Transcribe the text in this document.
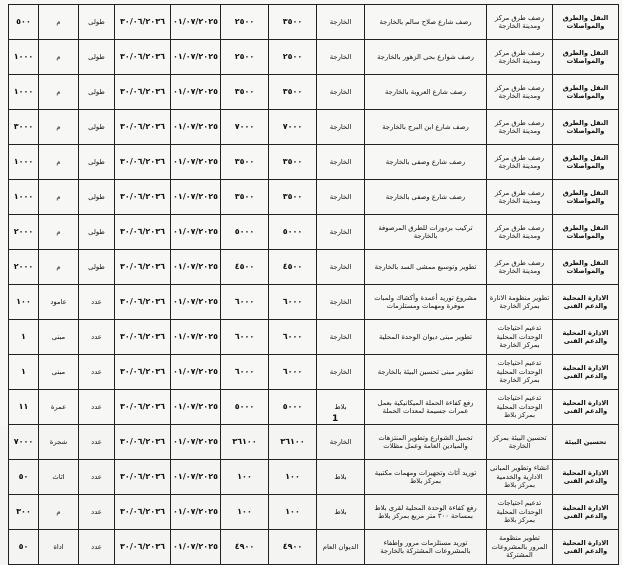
النقل والطرق والمواصلات	رصف طرق مركز ومدينة الخارجة	رصف شارع صلاح سالم بالخارجة	الخارجة	٣٥٠٠	٢٥٠٠	٠١/٠٧/٢٠٢٥	٣٠/٠٦/٢٠٣٦	طولى	م	٥٠٠
النقل والطرق والمواصلات	رصف طرق مركز ومدينة الخارجة	رصف شوارع بحى الزهور بالخارجة	الخارجة	٢٥٠٠	٢٥٠٠	٠١/٠٧/٢٠٢٥	٣٠/٠٦/٢٠٣٦	طولى	م	١٠٠٠
النقل والطرق والمواصلات	رصف طرق مركز ومدينة الخارجة	رصف شارع العروبة بالخارجة	الخارجة	٣٥٠٠	٣٥٠٠	٠١/٠٧/٢٠٢٥	٣٠/٠٦/٢٠٣٦	طولى	م	١٠٠٠
النقل والطرق والمواصلات	رصف طرق مركز ومدينة الخارجة	رصف شارع ابن البرج بالخارجة	الخارجة	٧٠٠٠	٧٠٠٠	٠١/٠٧/٢٠٢٥	٣٠/٠٦/٢٠٣٦	طولى	م	٣٠٠٠
النقل والطرق والمواصلات	رصف طرق مركز ومدينة الخارجة	رصف شارع وصفى بالخارجة	الخارجة	٣٥٠٠	٣٥٠٠	٠١/٠٧/٢٠٢٥	٣٠/٠٦/٢٠٣٦	طولى	م	١٠٠٠
النقل والطرق والمواصلات	رصف طرق مركز ومدينة الخارجة	رصف شارع وصفى بالخارجة	الخارجة	٣٥٠٠	٣٥٠٠	٠١/٠٧/٢٠٢٥	٣٠/٠٦/٢٠٣٦	طولى	م	١٠٠٠
النقل والطرق والمواصلات	رصف طرق مركز ومدينة الخارجة	تركيب بردورات للطرق المرصوفة بالخارجة	الخارجة	٥٠٠٠	٥٠٠٠	٠١/٠٧/٢٠٢٥	٣٠/٠٦/٢٠٣٦	طولى	م	٢٠٠٠
النقل والطرق والمواصلات	رصف طرق مركز ومدينة الخارجة	تطوير وتوسيع ممشى السد بالخارجة	الخارجة	٤٥٠٠	٤٥٠٠	٠١/٠٧/٢٠٢٥	٣٠/٠٦/٢٠٣٦	طولى	م	٢٠٠٠
الادارة المحلية والدعم الفنى	تطوير منظومة الانارة بمركز الخارجة	مشروع توريد أعمدة وأكشاك ولمبات موفرة ومهمات ومستلزمات	الخارجة	٦٠٠٠	٦٠٠٠	٠١/٠٧/٢٠٢٥	٣٠/٠٦/٢٠٣٦	عدد	عامود	١٠٠
الادارة المحلية والدعم الفنى	تدعيم احتياجات الوحدات المحلية بمركز الخارجة	تطوير مبنى ديوان الوحدة المحلية	الخارجة	٦٠٠٠	٦٠٠٠	٠١/٠٧/٢٠٢٥	٣٠/٠٦/٢٠٣٦	عدد	مبنى	١
الادارة المحلية والدعم الفنى	تدعيم احتياجات الوحدات المحلية بمركز الخارجة	تطوير مبنى تحسين البيئة بالخارجة	الخارجة	٦٠٠٠	٦٠٠٠	٠١/٠٧/٢٠٢٥	٣٠/٠٦/٢٠٣٦	عدد	مبنى	١
الادارة المحلية والدعم الفنى	تدعيم احتياجات الوحدات المحلية بمركز بلاط	رفع كفاءة الحملة الميكانيكية بعمل عمرات جسيمة لمعدات الحملة	بلاط	٥٠٠٠	٥٠٠٠	٠١/٠٧/٢٠٢٥	٣٠/٠٦/٢٠٣٦	عدد	عمرة	١١
تحسين البيئة	تحسين البيئة بمركز الخارجة	تجميل الشوارع وتطوير المنتزهات والميادين العامة وعمل مظلات	الخارجة	٣٦١٠٠	٣٦١٠٠	٠١/٠٧/٢٠٢٥	٣٠/٠٦/٢٠٣٦	عدد	شجرة	٧٠٠٠
الادارة المحلية والدعم الفنى	انشاء وتطوير المبانى الادارية والخدمية بمركز بلاط	توريد أثاث وتجهيزات ومهمات مكتبية بمركز بلاط	بلاط	١٠٠	١٠٠	٠١/٠٧/٢٠٢٥	٣٠/٠٦/٢٠٣٦	عدد	اثاث	٥٠
الادارة المحلية والدعم الفنى	تدعيم احتياجات الوحدات المحلية بمركز بلاط	رفع كفاءة الوحدة المحلية لقرى بلاط بمساحة ٣٠٠ متر مربع بمركز بلاط	بلاط	١٠٠	١٠٠	٠١/٠٧/٢٠٢٥	٣٠/٠٦/٢٠٣٦	عدد	م	٣٠٠
الادارة المحلية والدعم الفنى	تطوير منظومة المرور بالمشروعات المشتركة	توريد مستلزمات مرور وإطفاء بالمشروعات المشتركة بالخارجة	الديوان العام	٤٩٠٠	٤٩٠٠	٠١/٠٧/٢٠٢٥	٣٠/٠٦/٢٠٣٦	عدد	اداة	٥٠
1
